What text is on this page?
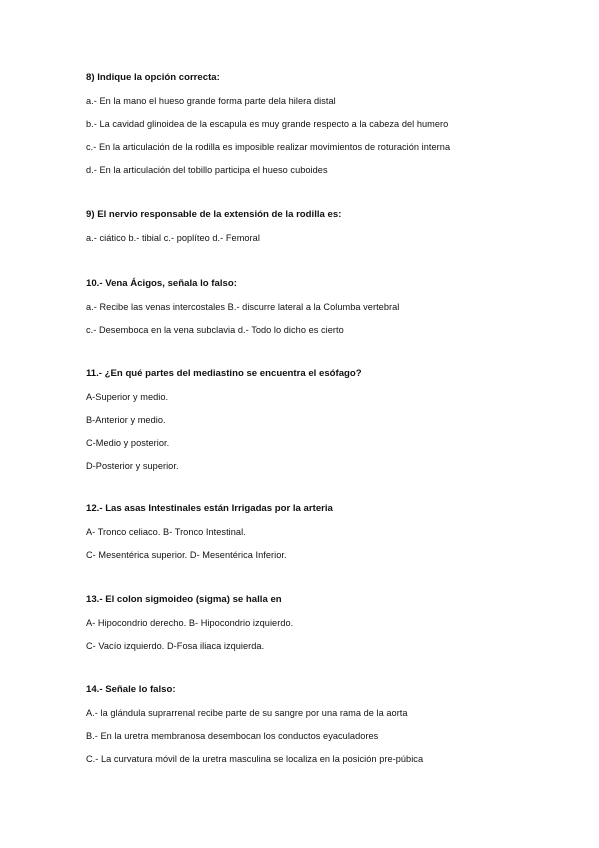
8) Indique la opción correcta:
a.- En la mano el hueso grande forma parte dela hilera distal
b.- La cavidad glinoidea de la escapula es muy grande respecto a la cabeza del humero
c.- En la articulación de la rodilla es imposible realizar movimientos de roturación interna
d.- En la articulación del tobillo participa el hueso cuboides
9) El nervio responsable de la extensión de la rodilla es:
a.- ciático b.- tibial c.- poplíteo d.- Femoral
10.- Vena Ácigos, señala lo falso:
a.- Recibe las venas intercostales B.- discurre lateral a la Columba vertebral
c.- Desemboca en la vena subclavia d.- Todo lo dicho es cierto
11.- ¿En qué partes del mediastino se encuentra el esófago?
A-Superior y medio.
B-Anterior y medio.
C-Medio y posterior.
D-Posterior y superior.
12.- Las asas Intestinales están Irrigadas por la arteria
A- Tronco celiaco. B- Tronco Intestinal.
C- Mesentérica superior. D- Mesentérica Inferior.
13.- El colon sigmoideo (sigma) se halla en
A- Hipocondrio derecho. B- Hipocondrio izquierdo.
C- Vacío izquierdo. D-Fosa iliaca izquierda.
14.- Señale lo falso:
A.- la glándula suprarrenal recibe parte de su sangre por una rama de la aorta
B.- En la uretra membranosa desembocan los conductos eyaculadores
C.- La curvatura móvil de la uretra masculina se localiza en la posición pre-púbica
